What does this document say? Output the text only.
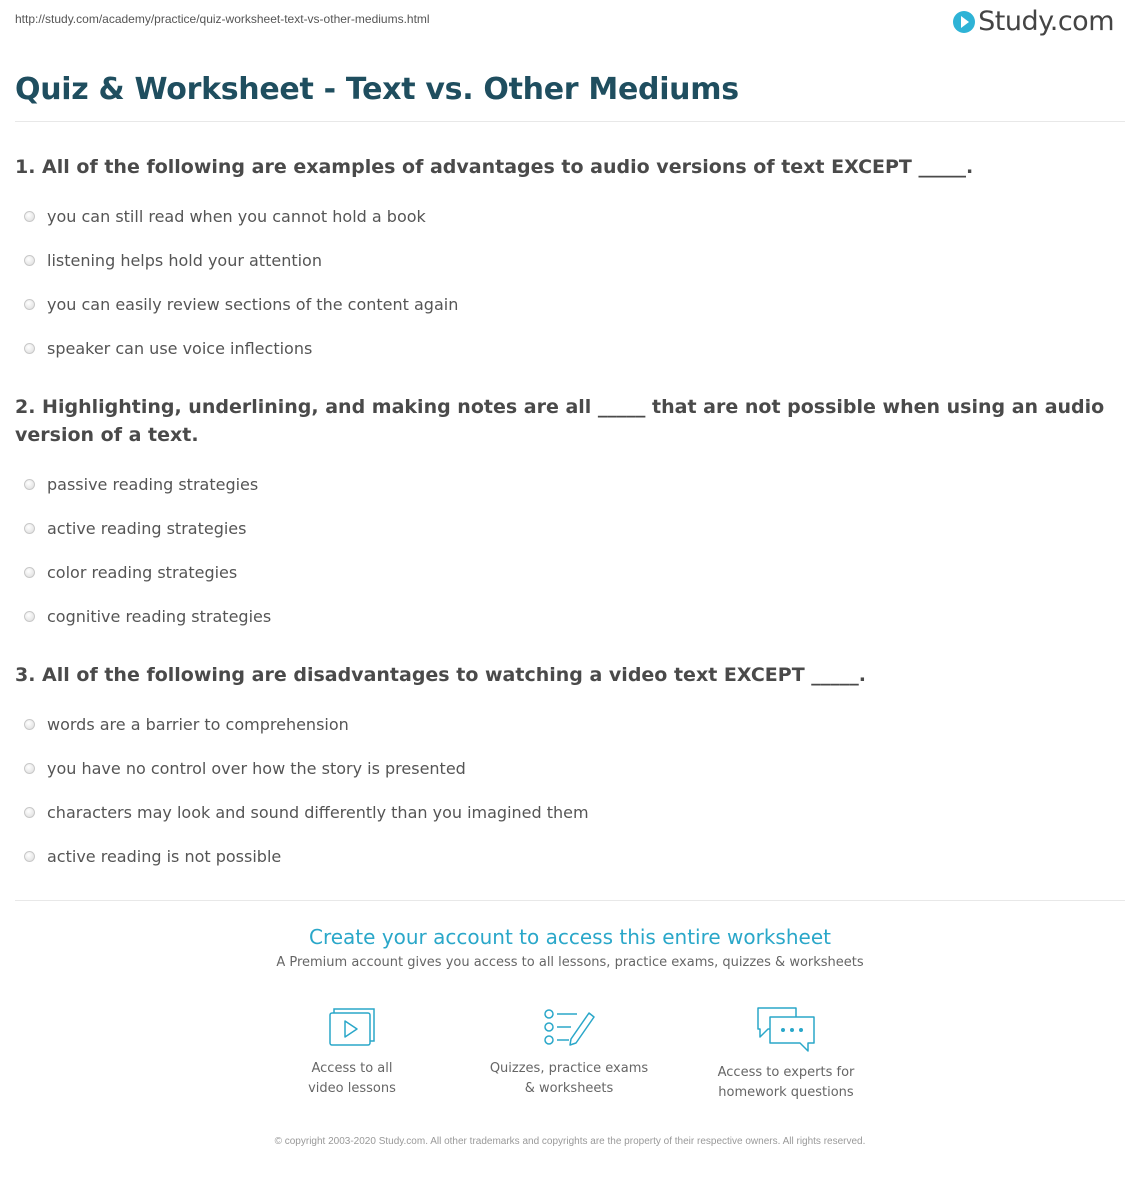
http://study.com/academy/practice/quiz-worksheet-text-vs-other-mediums.html	Study.com
Quiz & Worksheet - Text vs. Other Mediums
1. All of the following are examples of advantages to audio versions of text EXCEPT _____.
you can still read when you cannot hold a book
listening helps hold your attention
you can easily review sections of the content again
speaker can use voice inflections
2. Highlighting, underlining, and making notes are all _____ that are not possible when using an audio version of a text.
passive reading strategies
active reading strategies
color reading strategies
cognitive reading strategies
3. All of the following are disadvantages to watching a video text EXCEPT _____.
words are a barrier to comprehension
you have no control over how the story is presented
characters may look and sound differently than you imagined them
active reading is not possible
Create your account to access this entire worksheet
A Premium account gives you access to all lessons, practice exams, quizzes & worksheets
Access to all
video lessons
Quizzes, practice exams
& worksheets
Access to experts for
homework questions
© copyright 2003-2020 Study.com. All other trademarks and copyrights are the property of their respective owners. All rights reserved.
